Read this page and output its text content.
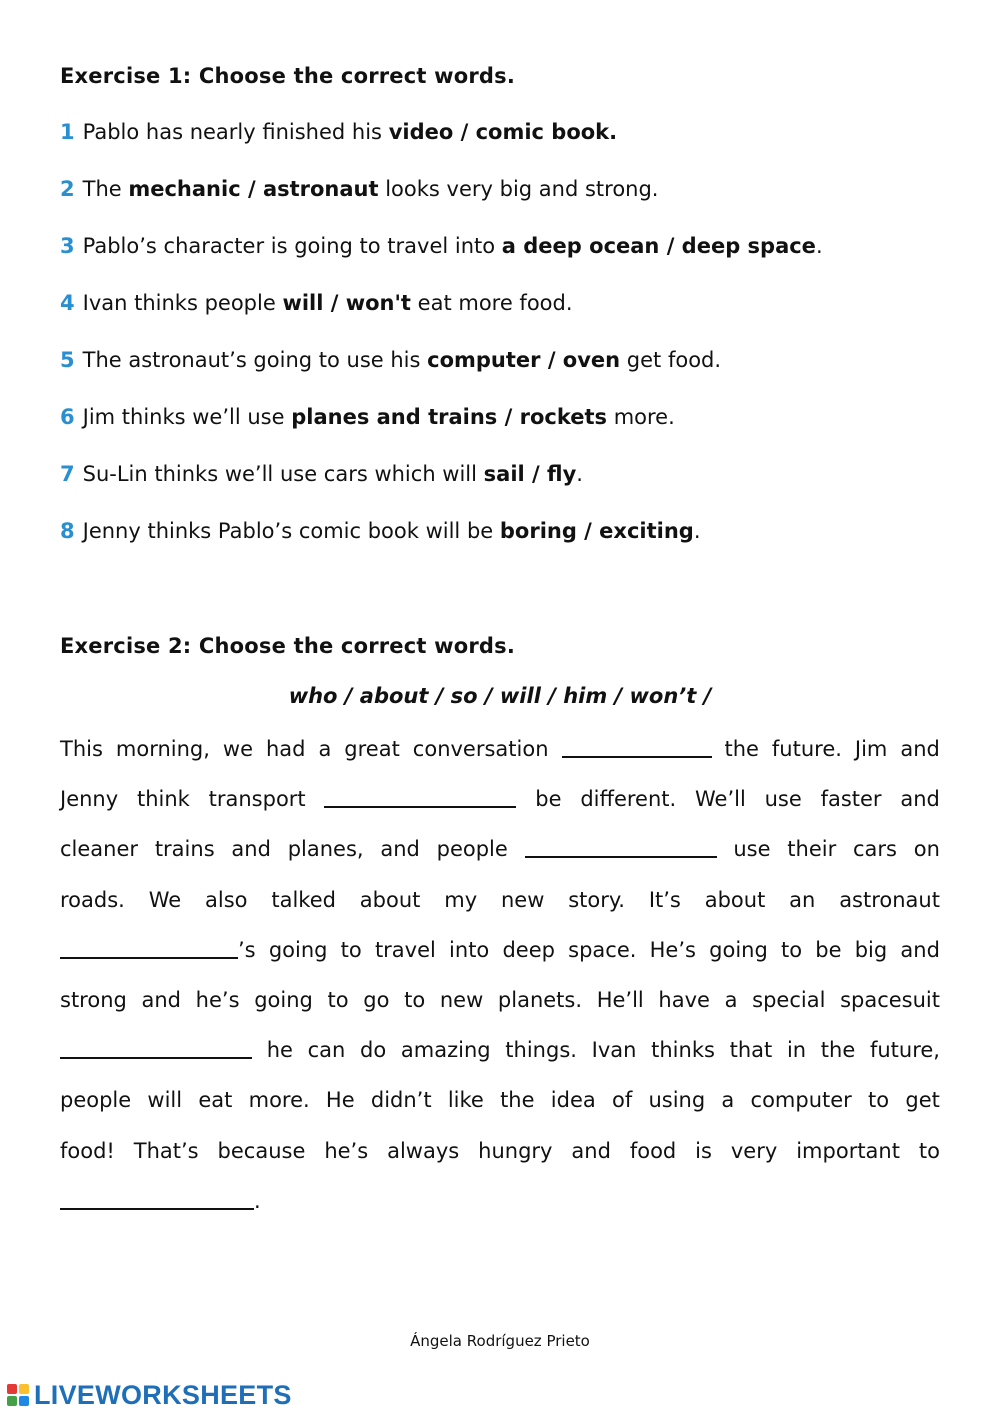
Exercise 1: Choose the correct words.
1 Pablo has nearly finished his video / comic book.
2 The mechanic / astronaut looks very big and strong.
3 Pablo’s character is going to travel into a deep ocean / deep space.
4 Ivan thinks people will / won't eat more food.
5 The astronaut’s going to use his computer / oven get food.
6 Jim thinks we’ll use planes and trains / rockets more.
7 Su-Lin thinks we’ll use cars which will sail / fly.
8 Jenny thinks Pablo’s comic book will be boring / exciting.
Exercise 2: Choose the correct words.
who / about / so / will / him / won’t /
This morning, we had a great conversation	the future. Jim and
Jenny think transport	be different. We’ll use faster and
cleaner trains and planes, and people	use their cars on
roads. We also talked about my new story. It’s about an astronaut
’s going to travel into deep space. He’s going to be big and
strong and he’s going to go to new planets. He’ll have a special spacesuit
he can do amazing things. Ivan thinks that in the future,
people will eat more. He didn’t like the idea of using a computer to get
food! That’s because he’s always hungry and food is very important to
.
Ángela Rodríguez Prieto
LIVEWORKSHEETS
